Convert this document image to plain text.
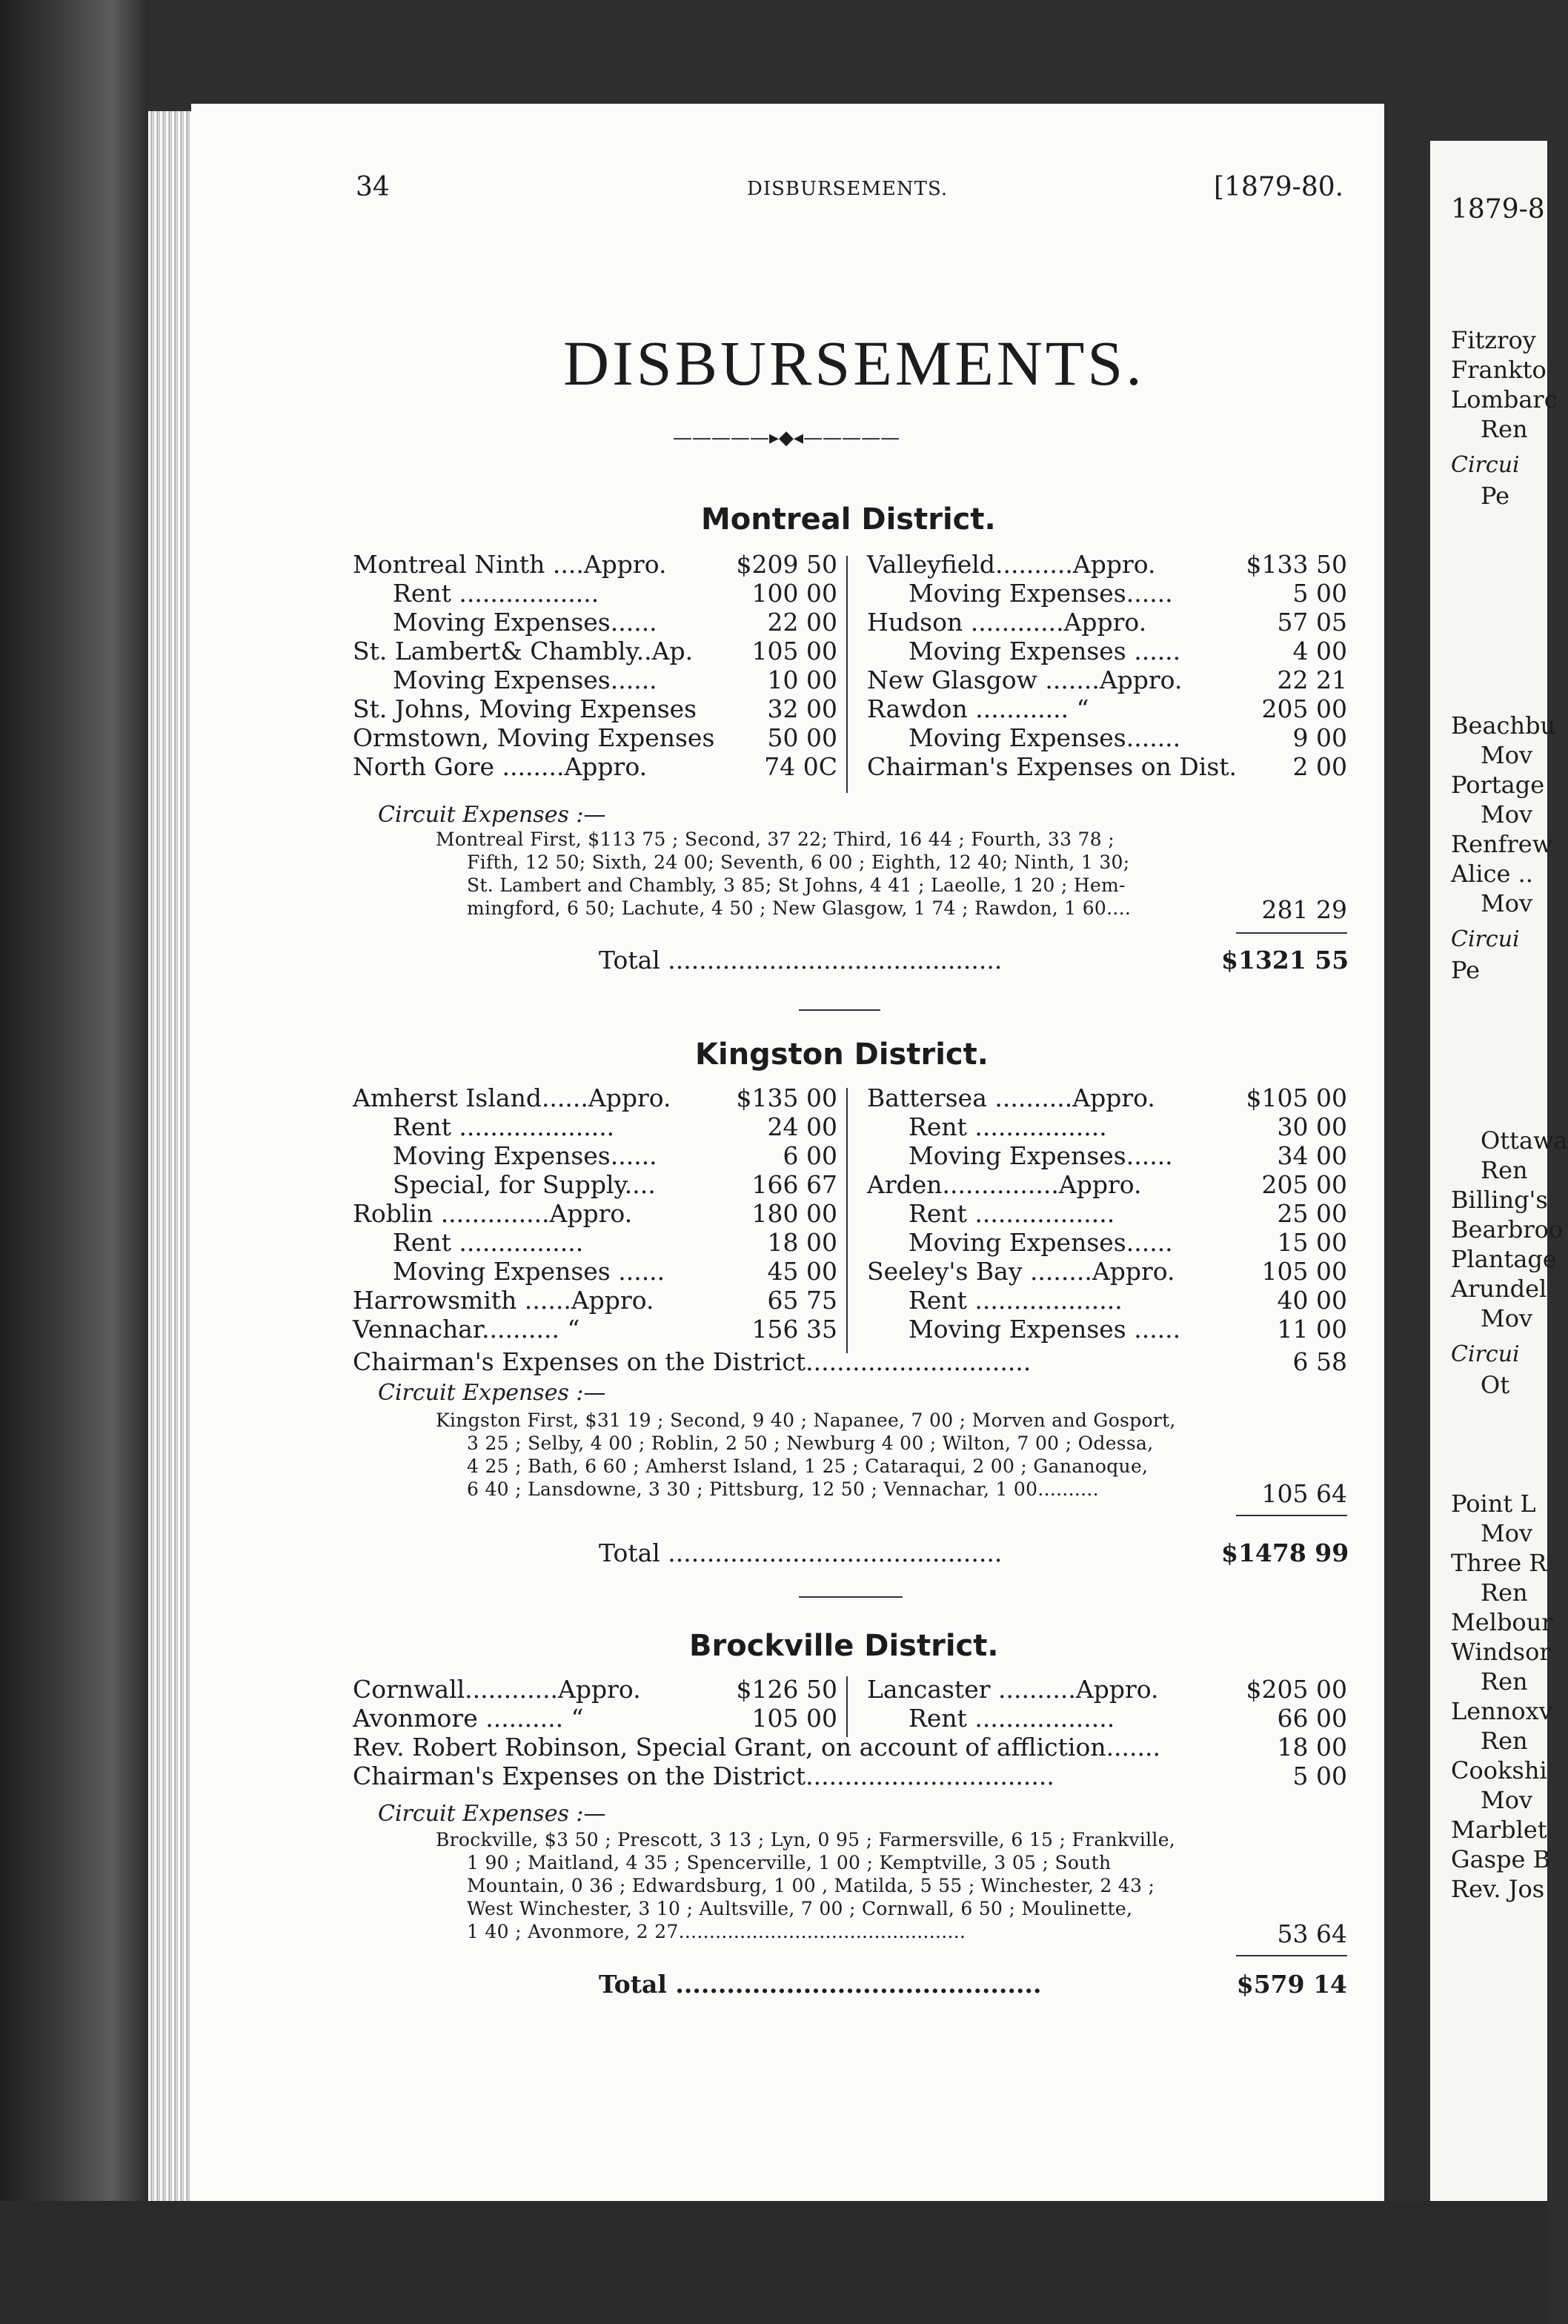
34	DISBURSEMENTS.	[1879-80.
DISBURSEMENTS.
—————▸◆◂—————
Montreal District.
Montreal Ninth ....Appro.	$209 50
Rent ..................	100 00
Moving Expenses......	22 00
St. Lambert& Chambly..Ap.	105 00
Moving Expenses......	10 00
St. Johns, Moving Expenses	32 00
Ormstown, Moving Expenses	50 00
North Gore ........Appro.	74 0C
Valleyfield..........Appro.	$133 50
Moving Expenses......	5 00
Hudson ............Appro.	57 05
Moving Expenses ......	4 00
New Glasgow .......Appro.	22 21
Rawdon ............ “	205 00
Moving Expenses.......	9 00
Chairman's Expenses on Dist.	2 00
Circuit Expenses :—
Montreal First, $113 75 ; Second, 37 22; Third, 16 44 ; Fourth, 33 78 ;
Fifth, 12 50; Sixth, 24 00; Seventh, 6 00 ; Eighth, 12 40; Ninth, 1 30;
St. Lambert and Chambly, 3 85; St Johns, 4 41 ; Laeolle, 1 20 ; Hem-
mingford, 6 50; Lachute, 4 50 ; New Glasgow, 1 74 ; Rawdon, 1 60....	281 29
Total ...........................................	$1321 55
Kingston District.
Amherst Island......Appro.	$135 00
Rent ....................	24 00
Moving Expenses......	6 00
Special, for Supply....	166 67
Roblin ..............Appro.	180 00
Rent ................	18 00
Moving Expenses ......	45 00
Harrowsmith ......Appro.	65 75
Vennachar.......... “	156 35
Battersea ..........Appro.	$105 00
Rent .................	30 00
Moving Expenses......	34 00
Arden...............Appro.	205 00
Rent ..................	25 00
Moving Expenses......	15 00
Seeley's Bay ........Appro.	105 00
Rent ...................	40 00
Moving Expenses ......	11 00
Chairman's Expenses on the District.............................	6 58
Circuit Expenses :—
Kingston First, $31 19 ; Second, 9 40 ; Napanee, 7 00 ; Morven and Gosport,
3 25 ; Selby, 4 00 ; Roblin, 2 50 ; Newburg 4 00 ; Wilton, 7 00 ; Odessa,
4 25 ; Bath, 6 60 ; Amherst Island, 1 25 ; Cataraqui, 2 00 ; Gananoque,
6 40 ; Lansdowne, 3 30 ; Pittsburg, 12 50 ; Vennachar, 1 00..........	105 64
Total ...........................................	$1478 99
Brockville District.
Cornwall............Appro.	$126 50
Avonmore .......... “	105 00
Lancaster ..........Appro.	$205 00
Rent ..................	66 00
Rev. Robert Robinson, Special Grant, on account of affliction.......	18 00
Chairman's Expenses on the District................................	5 00
Circuit Expenses :—
Brockville, $3 50 ; Prescott, 3 13 ; Lyn, 0 95 ; Farmersville, 6 15 ; Frankville,
1 90 ; Maitland, 4 35 ; Spencerville, 1 00 ; Kemptville, 3 05 ; South
Mountain, 0 36 ; Edwardsburg, 1 00 , Matilda, 5 55 ; Winchester, 2 43 ;
West Winchester, 3 10 ; Aultsville, 7 00 ; Cornwall, 6 50 ; Moulinette,
1 40 ; Avonmore, 2 27...............................................	53 64
Total ...........................................	$579 14
1879-8
Fitzroy
Frankto
Lombarc
Ren
Circui
Pe
Beachbu
Mov
Portage
Mov
Renfrew
Alice ..
Mov
Circui
Pe
Ottawa
Ren
Billing's
Bearbroo
Plantage
Arundel
Mov
Circui
Ot
Point L
Mov
Three R
Ren
Melbour
Windsor
Ren
Lennoxv
Ren
Cookshi
Mov
Marblet
Gaspe B
Rev. Jos
